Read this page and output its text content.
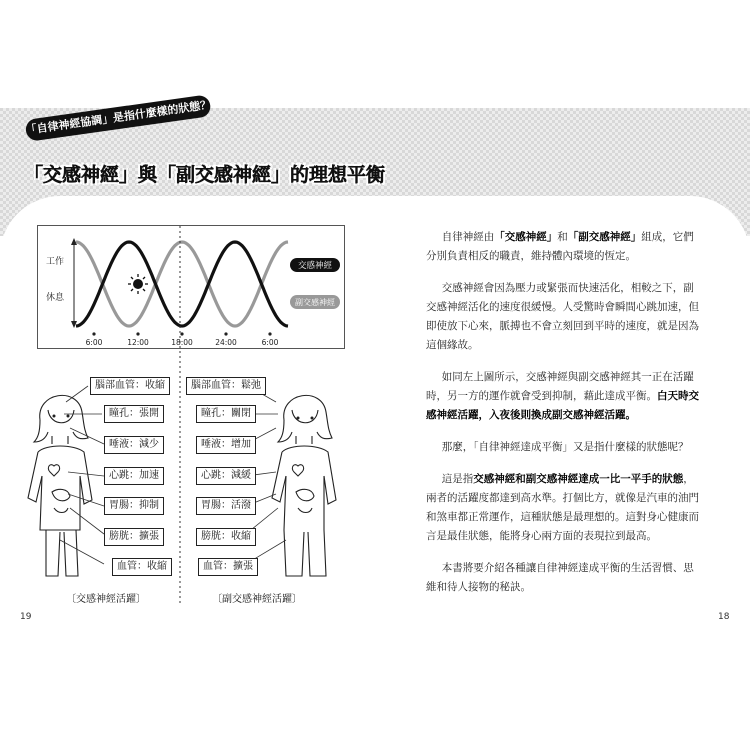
「自律神經協調」是指什麼樣的狀態？
「交感神經」與「副交感神經」的理想平衡
工作
休息
交感神經
副交感神經
6:00	12:00	18:00	24:00	6:00
腦部血管：收縮
瞳孔：張開
唾液：減少
心跳：加速
胃腸：抑制
膀胱：擴張
血管：收縮
〔交感神經活躍〕
腦部血管：鬆弛
瞳孔：關閉
唾液：增加
心跳：減緩
胃腸：活潑
膀胱：收縮
血管：擴張
〔副交感神經活躍〕

自律神經由「交感神經」和「副交感神經」組成，它們分別負責相反的職責，維持體內環境的恆定。

交感神經會因為壓力或緊張而快速活化，相較之下，副交感神經活化的速度很緩慢。人受驚時會瞬間心跳加速，但即使放下心來，脈搏也不會立刻回到平時的速度，就是因為這個緣故。

如同左上圖所示，交感神經與副交感神經其一正在活躍時，另一方的運作就會受到抑制，藉此達成平衡。白天時交感神經活躍，入夜後則換成副交感神經活躍。

那麼，「自律神經達成平衡」又是指什麼樣的狀態呢？

這是指交感神經和副交感神經達成一比一平手的狀態，兩者的活躍度都達到高水準。打個比方，就像是汽車的油門和煞車都正常運作，這種狀態是最理想的。這對身心健康而言是最佳狀態，能將身心兩方面的表現拉到最高。

本書將要介紹各種讓自律神經達成平衡的生活習慣、思維和待人接物的秘訣。

19	18
